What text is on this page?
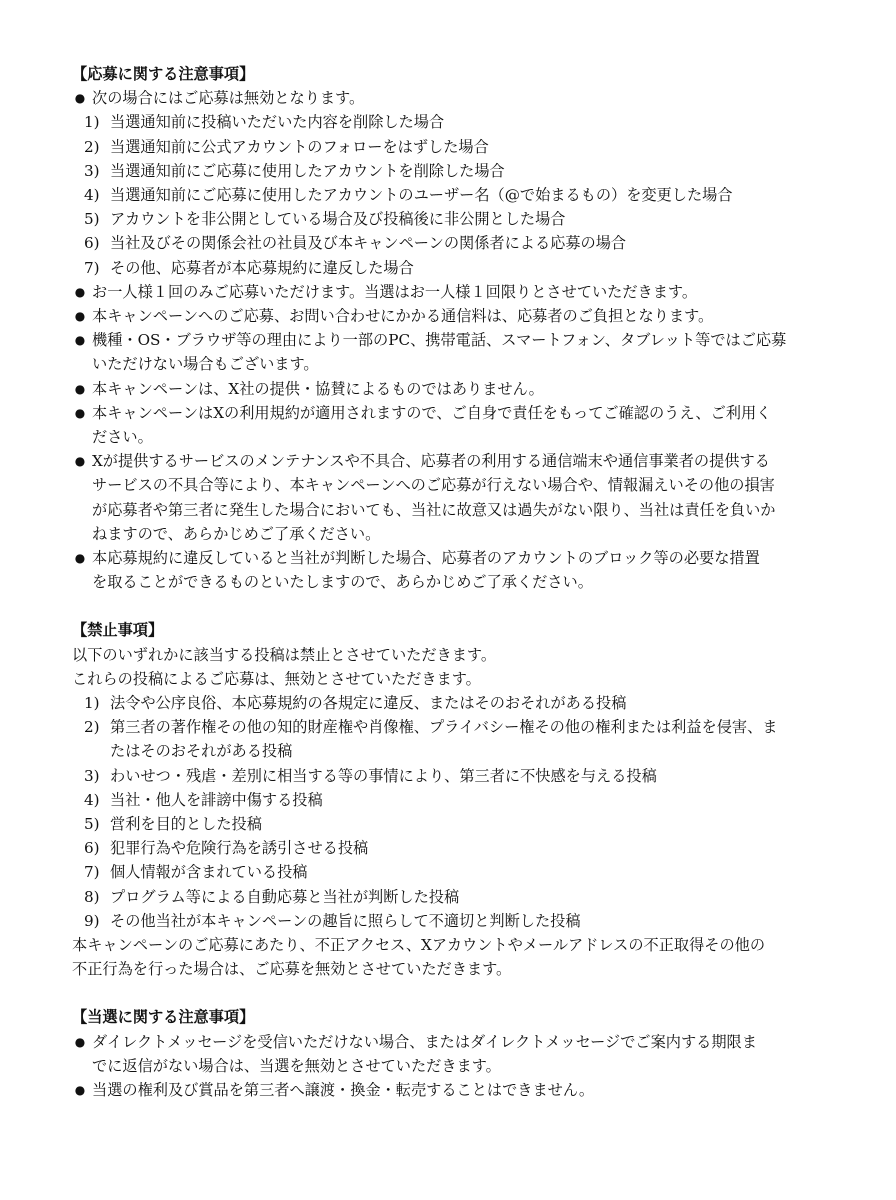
【応募に関する注意事項】
● 次の場合にはご応募は無効となります。
1) 当選通知前に投稿いただいた内容を削除した場合
2) 当選通知前に公式アカウントのフォローをはずした場合
3) 当選通知前にご応募に使用したアカウントを削除した場合
4) 当選通知前にご応募に使用したアカウントのユーザー名（@で始まるもの）を変更した場合
5) アカウントを非公開としている場合及び投稿後に非公開とした場合
6) 当社及びその関係会社の社員及び本キャンペーンの関係者による応募の場合
7) その他、応募者が本応募規約に違反した場合
● お一人様１回のみご応募いただけます。当選はお一人様１回限りとさせていただきます。
● 本キャンペーンへのご応募、お問い合わせにかかる通信料は、応募者のご負担となります。
● 機種・OS・ブラウザ等の理由により一部のPC、携帯電話、スマートフォン、タブレット等ではご応募
いただけない場合もございます。
● 本キャンペーンは、X社の提供・協賛によるものではありません。
● 本キャンペーンはXの利用規約が適用されますので、ご自身で責任をもってご確認のうえ、ご利用く
ださい。
● Xが提供するサービスのメンテナンスや不具合、応募者の利用する通信端末や通信事業者の提供する
サービスの不具合等により、本キャンペーンへのご応募が行えない場合や、情報漏えいその他の損害
が応募者や第三者に発生した場合においても、当社に故意又は過失がない限り、当社は責任を負いか
ねますので、あらかじめご了承ください。
● 本応募規約に違反していると当社が判断した場合、応募者のアカウントのブロック等の必要な措置
を取ることができるものといたしますので、あらかじめご了承ください。
【禁止事項】
以下のいずれかに該当する投稿は禁止とさせていただきます。
これらの投稿によるご応募は、無効とさせていただきます。
1) 法令や公序良俗、本応募規約の各規定に違反、またはそのおそれがある投稿
2) 第三者の著作権その他の知的財産権や肖像権、プライバシー権その他の権利または利益を侵害、ま
たはそのおそれがある投稿
3) わいせつ・残虐・差別に相当する等の事情により、第三者に不快感を与える投稿
4) 当社・他人を誹謗中傷する投稿
5) 営利を目的とした投稿
6) 犯罪行為や危険行為を誘引させる投稿
7) 個人情報が含まれている投稿
8) プログラム等による自動応募と当社が判断した投稿
9) その他当社が本キャンペーンの趣旨に照らして不適切と判断した投稿
本キャンペーンのご応募にあたり、不正アクセス、Xアカウントやメールアドレスの不正取得その他の
不正行為を行った場合は、ご応募を無効とさせていただきます。
【当選に関する注意事項】
● ダイレクトメッセージを受信いただけない場合、またはダイレクトメッセージでご案内する期限ま
でに返信がない場合は、当選を無効とさせていただきます。
● 当選の権利及び賞品を第三者へ譲渡・換金・転売することはできません。
